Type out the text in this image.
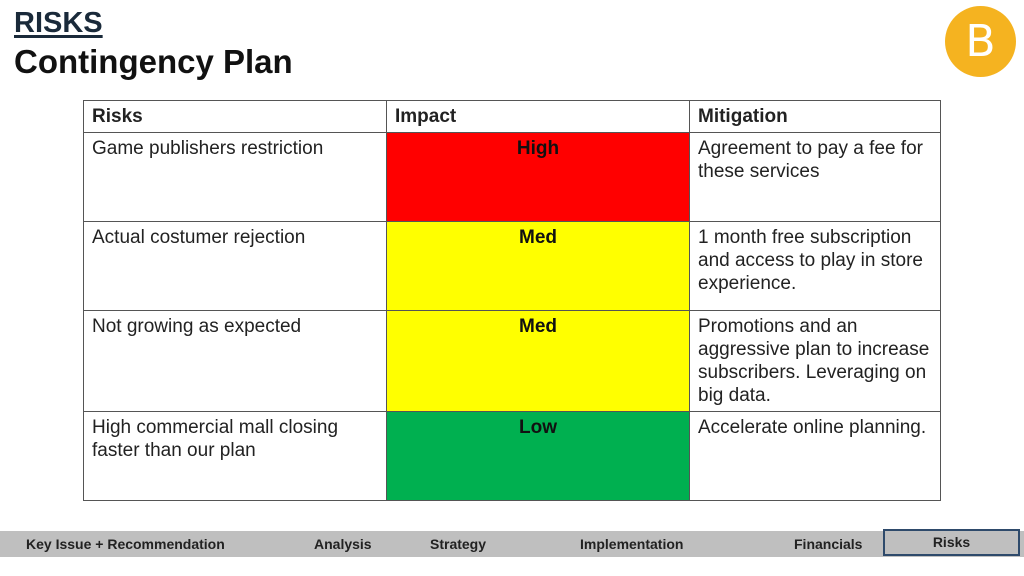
RISKS
Contingency Plan	B
Risks	Impact	Mitigation
Game publishers restriction	High	Agreement to pay a fee for these services
Actual costumer rejection	Med	1 month free subscription and access to play in store experience.
Not growing as expected	Med	Promotions and an aggressive plan to increase subscribers. Leveraging on big data.
High commercial mall closing faster than our plan	Low	Accelerate online planning.
Key Issue + Recommendation	Analysis	Strategy	Implementation	Financials	Risks
